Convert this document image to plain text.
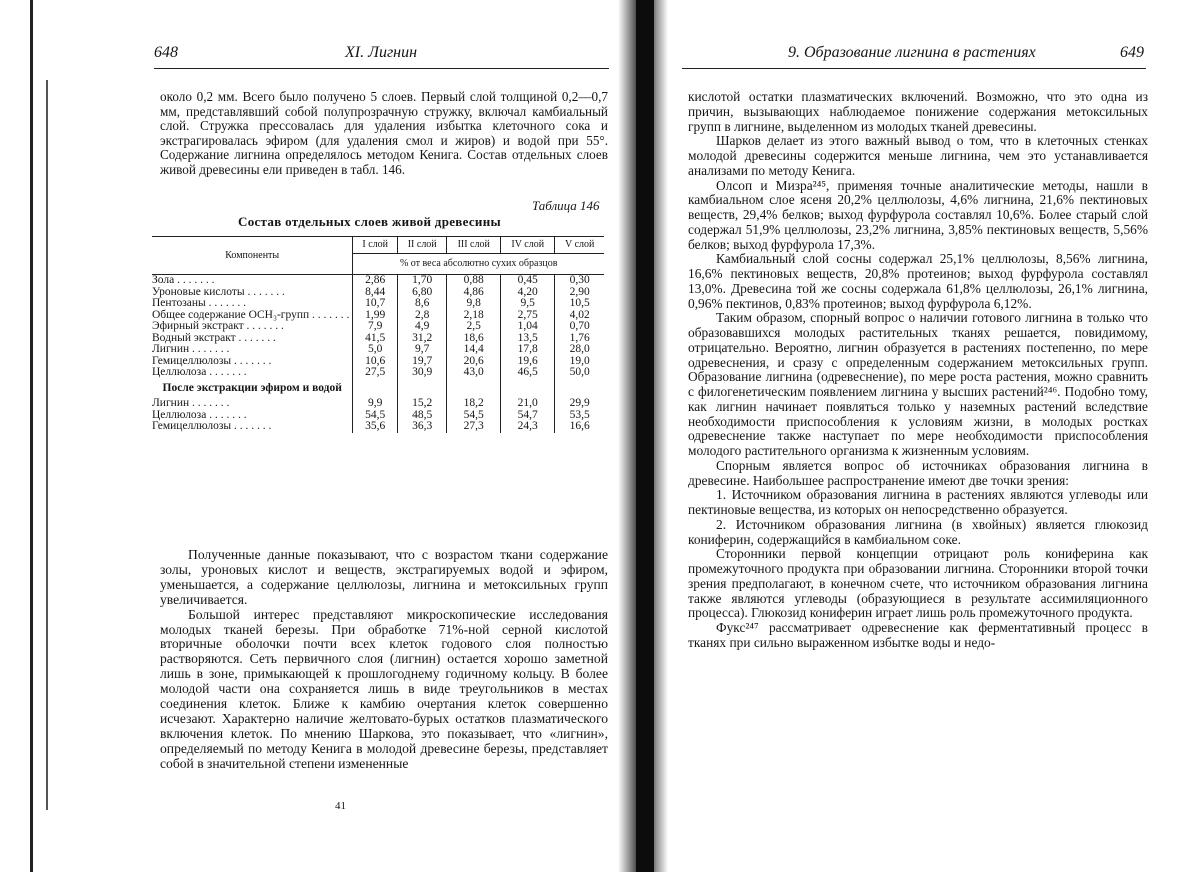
648	XI. Лигнин

около 0,2 мм. Всего было получено 5 слоев. Первый слой толщиной 0,2—0,7 мм, представлявший собой полупрозрачную стружку, включал камбиальный слой. Стружка прессовалась для удаления избытка клеточного сока и экстрагировалась эфиром (для удаления смол и жиров) и водой при 55°. Содержание лигнина определялось методом Кенига. Состав отдельных слоев живой древесины ели приведен в табл. 146.

Таблица 146
Состав отдельных слоев живой древесины
Компоненты	I слой	II слой	III слой	IV слой	V слой
	% от веса абсолютно сухих образцов				
Зола . . . . . . .	2,86	1,70	0,88	0,45	0,30
Уроновые кислоты . . . . . . .	8,44	6,80	4,86	4,20	2,90
Пентозаны . . . . . . .	10,7	8,6	9,8	9,5	10,5
Общее содержание OCH₃-групп . . . . . . .	1,99	2,8	2,18	2,75	4,02
Эфирный экстракт . . . . . . .	7,9	4,9	2,5	1,04	0,70
Водный экстракт . . . . . . .	41,5	31,2	18,6	13,5	1,76
Лигнин . . . . . . .	5,0	9,7	14,4	17,8	28,0
Гемицеллюлозы . . . . . . .	10,6	19,7	20,6	19,6	19,0
Целлюлоза . . . . . . .	27,5	30,9	43,0	46,5	50,0
После экстракции эфиром и водой					
Лигнин . . . . . . .	9,9	15,2	18,2	21,0	29,9
Целлюлоза . . . . . . .	54,5	48,5	54,5	54,7	53,5
Гемицеллюлозы . . . . . . .	35,6	36,3	27,3	24,3	16,6

Полученные данные показывают, что с возрастом ткани содержание золы, уроновых кислот и веществ, экстрагируемых водой и эфиром, уменьшается, а содержание целлюлозы, лигнина и метоксильных групп увеличивается.

Большой интерес представляют микроскопические исследования молодых тканей березы. При обработке 71%-ной серной кислотой вторичные оболочки почти всех клеток годового слоя полностью растворяются. Сеть первичного слоя (лигнин) остается хорошо заметной лишь в зоне, примыкающей к прошлогоднему годичному кольцу. В более молодой части она сохраняется лишь в виде треугольников в местах соединения клеток. Ближе к камбию очертания клеток совершенно исчезают. Характерно наличие желтовато-бурых остатков плазматического включения клеток. По мнению Шаркова, это показывает, что «лигнин», определяемый по методу Кенига в молодой древесине березы, представляет собой в значительной степени измененные

41
9. Образование лигнина в растениях	649

кислотой остатки плазматических включений. Возможно, что это одна из причин, вызывающих наблюдаемое понижение содержания метоксильных групп в лигнине, выделенном из молодых тканей древесины.

Шарков делает из этого важный вывод о том, что в клеточных стенках молодой древесины содержится меньше лигнина, чем это устанавливается анализами по методу Кенига.

Олсоп и Мизра²⁴⁵, применяя точные аналитические методы, нашли в камбиальном слое ясеня 20,2% целлюлозы, 4,6% лигнина, 21,6% пектиновых веществ, 29,4% белков; выход фурфурола составлял 10,6%. Более старый слой содержал 51,9% целлюлозы, 23,2% лигнина, 3,85% пектиновых веществ, 5,56% белков; выход фурфурола 17,3%.

Камбиальный слой сосны содержал 25,1% целлюлозы, 8,56% лигнина, 16,6% пектиновых веществ, 20,8% протеинов; выход фурфурола составлял 13,0%. Древесина той же сосны содержала 61,8% целлюлозы, 26,1% лигнина, 0,96% пектинов, 0,83% протеинов; выход фурфурола 6,12%.

Таким образом, спорный вопрос о наличии готового лигнина в только что образовавшихся молодых растительных тканях решается, повидимому, отрицательно. Вероятно, лигнин образуется в растениях постепенно, по мере одревеснения, и сразу с определенным содержанием метоксильных групп. Образование лигнина (одревеснение), по мере роста растения, можно сравнить с филогенетическим появлением лигнина у высших растений²⁴⁶. Подобно тому, как лигнин начинает появляться только у наземных растений вследствие необходимости приспособления к условиям жизни, в молодых ростках одревеснение также наступает по мере необходимости приспособления молодого растительного организма к жизненным условиям.

Спорным является вопрос об источниках образования лигнина в древесине. Наибольшее распространение имеют две точки зрения:

1. Источником образования лигнина в растениях являются углеводы или пектиновые вещества, из которых он непосредственно образуется.

2. Источником образования лигнина (в хвойных) является глюкозид кониферин, содержащийся в камбиальном соке.

Сторонники первой концепции отрицают роль кониферина как промежуточного продукта при образовании лигнина. Сторонники второй точки зрения предполагают, в конечном счете, что источником образования лигнина также являются углеводы (образующиеся в результате ассимиляционного процесса). Глюкозид кониферин играет лишь роль промежуточного продукта.

Фукс²⁴⁷ рассматривает одревеснение как ферментативный процесс в тканях при сильно выраженном избытке воды и недо-
